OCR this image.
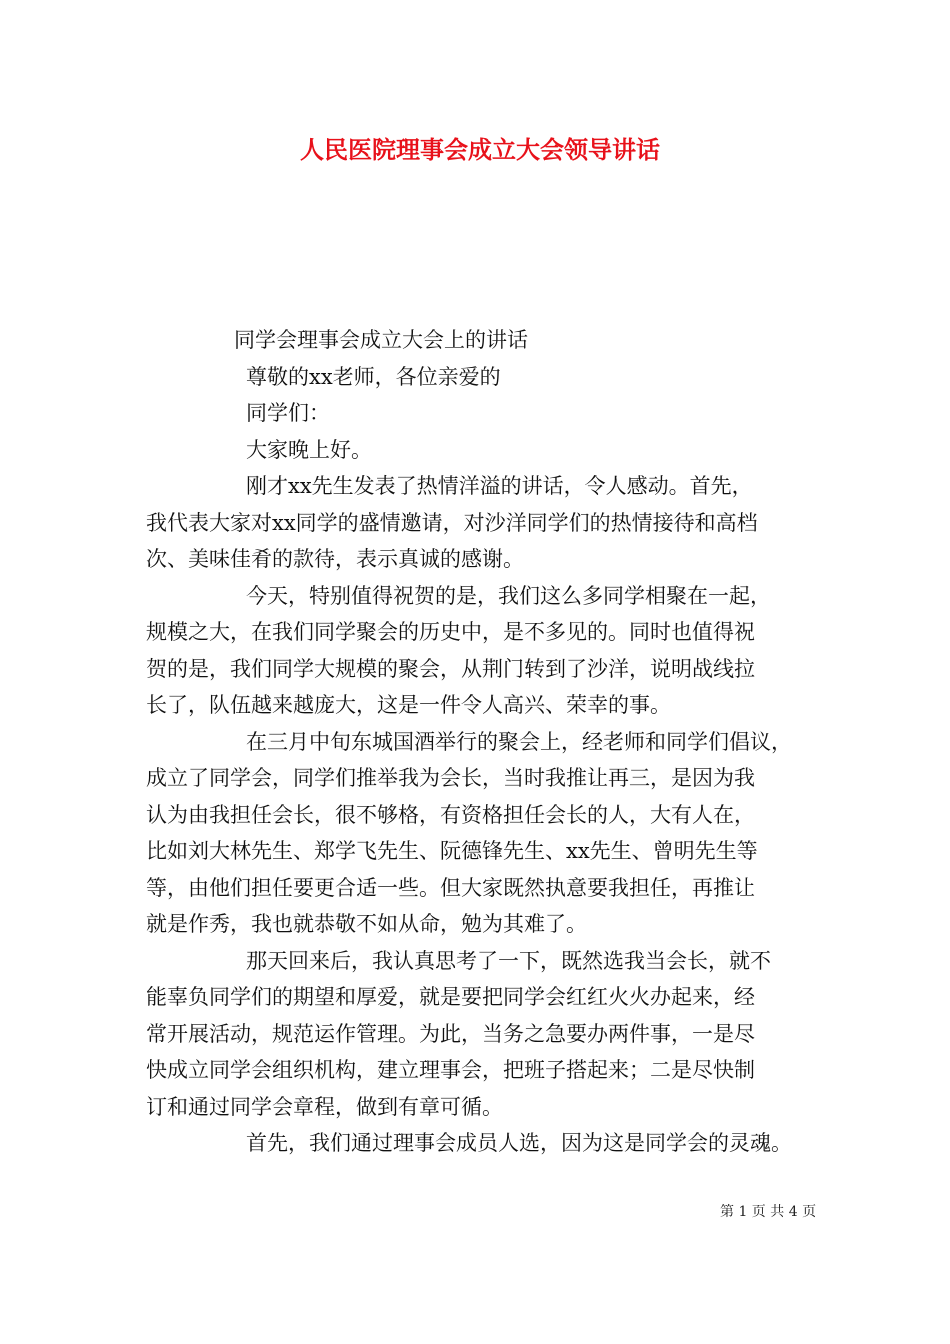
人民医院理事会成立大会领导讲话
同学会理事会成立大会上的讲话
尊敬的xx老师，各位亲爱的
同学们：
大家晚上好。
刚才xx先生发表了热情洋溢的讲话，令人感动。首先，
我代表大家对xx同学的盛情邀请，对沙洋同学们的热情接待和高档
次、美味佳肴的款待，表示真诚的感谢。
今天，特别值得祝贺的是，我们这么多同学相聚在一起，
规模之大，在我们同学聚会的历史中，是不多见的。同时也值得祝
贺的是，我们同学大规模的聚会，从荆门转到了沙洋，说明战线拉
长了，队伍越来越庞大，这是一件令人高兴、荣幸的事。
在三月中旬东城国酒举行的聚会上，经老师和同学们倡议，
成立了同学会，同学们推举我为会长，当时我推让再三，是因为我
认为由我担任会长，很不够格，有资格担任会长的人，大有人在，
比如刘大林先生、郑学飞先生、阮德锋先生、xx先生、曾明先生等
等，由他们担任要更合适一些。但大家既然执意要我担任，再推让
就是作秀，我也就恭敬不如从命，勉为其难了。
那天回来后，我认真思考了一下，既然选我当会长，就不
能辜负同学们的期望和厚爱，就是要把同学会红红火火办起来，经
常开展活动，规范运作管理。为此，当务之急要办两件事，一是尽
快成立同学会组织机构，建立理事会，把班子搭起来；二是尽快制
订和通过同学会章程，做到有章可循。
首先，我们通过理事会成员人选，因为这是同学会的灵魂。
第 1 页 共 4 页
